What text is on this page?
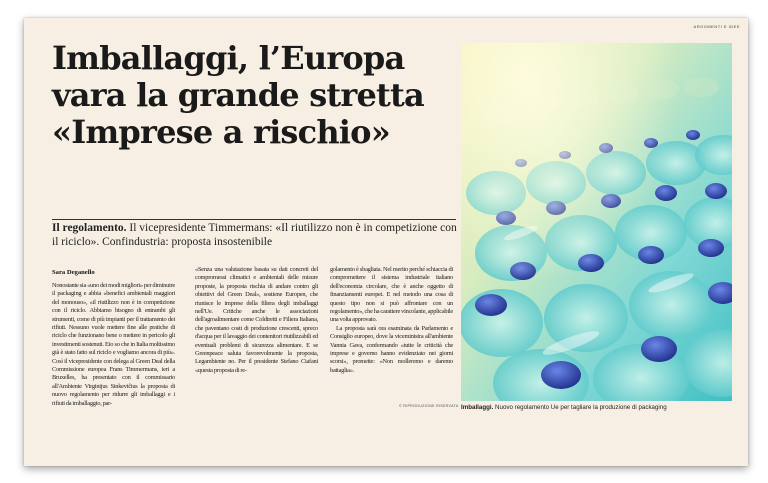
ARGOMENTI E IDEE
Imballaggi, l’Europa
vara la grande stretta
«Imprese a rischio»

Il regolamento. Il vicepresidente Timmermans: «Il riutilizzo non è in competizione con il riciclo». Confindustria: proposta insostenibile

Sara Deganello

Nonostante sia «uno dei modi migliori» per diminuire il packaging e abbia «benefici ambientali maggiori del monouso», «il riutilizzo non è in competizione con il riciclo. Abbiamo bisogno di entrambi gli strumenti, come di più impianti per il trattamento dei rifiuti. Nessuno vuole mettere fine alle pratiche di riciclo che funzionano bene o mettere in pericolo gli investimenti sostenuti. Eio so che in Italia moltissimo già è stato fatto sul riciclo e vogliamo ancora di più». Così il vicepresidente con delega al Green Deal della Commissione europea Frans Timmermans, ieri a Bruxelles, ha presentato con il commissario all'Ambiente Virginijus Sinkevičius la proposta di nuovo regolamento per ridurre gli imballaggi e i rifiuti da imballaggio, par-

«Senza una valutazione basata su dati concreti del compromessi climatici e ambientali delle misure proposte, la proposta rischia di andare contro gli obiettivi del Green Deal», sostiene Europen, che riunisce le imprese della filiera degli imballaggi nell'Ue. Critiche anche le associazioni dell'agroalimentare come Coldiretti e Filiera Italiana, che paventano costi di produzione crescenti, spreco d'acqua per il lavaggio dei contenitori riutilizzabili ed eventuali problemi di sicurezza alimentare. E se Greenpeace saluta favorevolmente la proposta, Legambiente no. Per il presidente Stefano Ciafani «questa proposta di re-

golamento è sbagliata. Nel merito perché schiaccia di compromettere il sistema industriale italiano dell'economia circolare, che è anche oggetto di finanziamenti europei. E nel metodo una cosa di questo tipo non si può affrontare con un regolamento», che ha carattere vincolante, applicabile una volta approvato.

La proposta sarà ora esaminata da Parlamento e Consiglio europeo, dove la viceministra all'ambiente Vannia Gava, confermando «tutte le criticità che imprese e governo hanno evidenziato nei giorni scorsi», promette: «Non molleremo e daremo battaglia».

© RIPRODUZIONE RISERVATA Imballaggi. Nuovo regolamento Ue per tagliare la produzione di packaging
